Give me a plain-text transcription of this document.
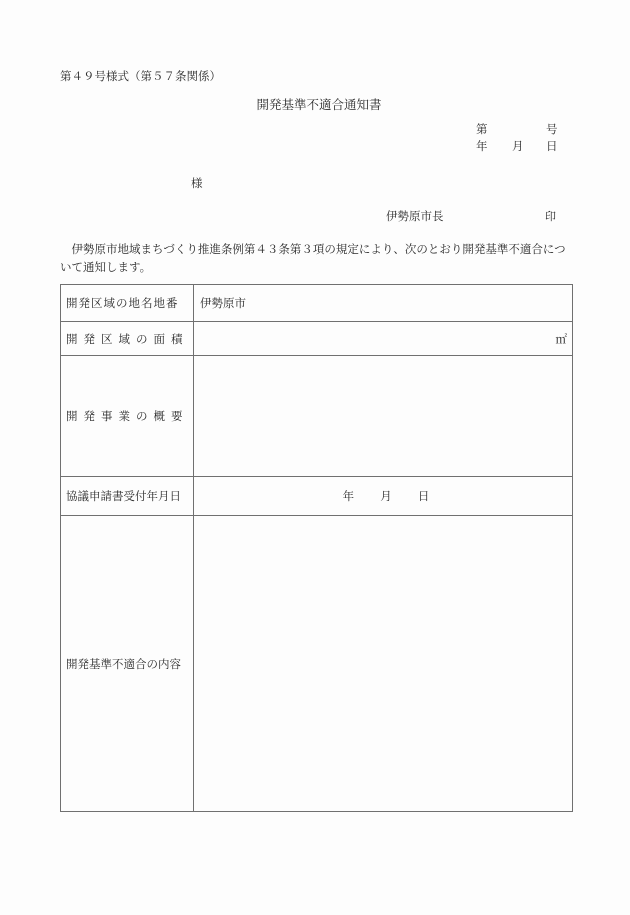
第４９号様式（第５７条関係）
開発基準不適合通知書
第	号
年 月 日
様
伊勢原市長	印
伊勢原市地域まちづくり推進条例第４３条第３項の規定により、次のとおり開発基準不適合について通知します。
開発区域の地名地番	伊勢原市
開発区域の面積	㎡

開発事業の概要	
協議申請書受付年月日	年 月 日
開発基準不適合の内容	
